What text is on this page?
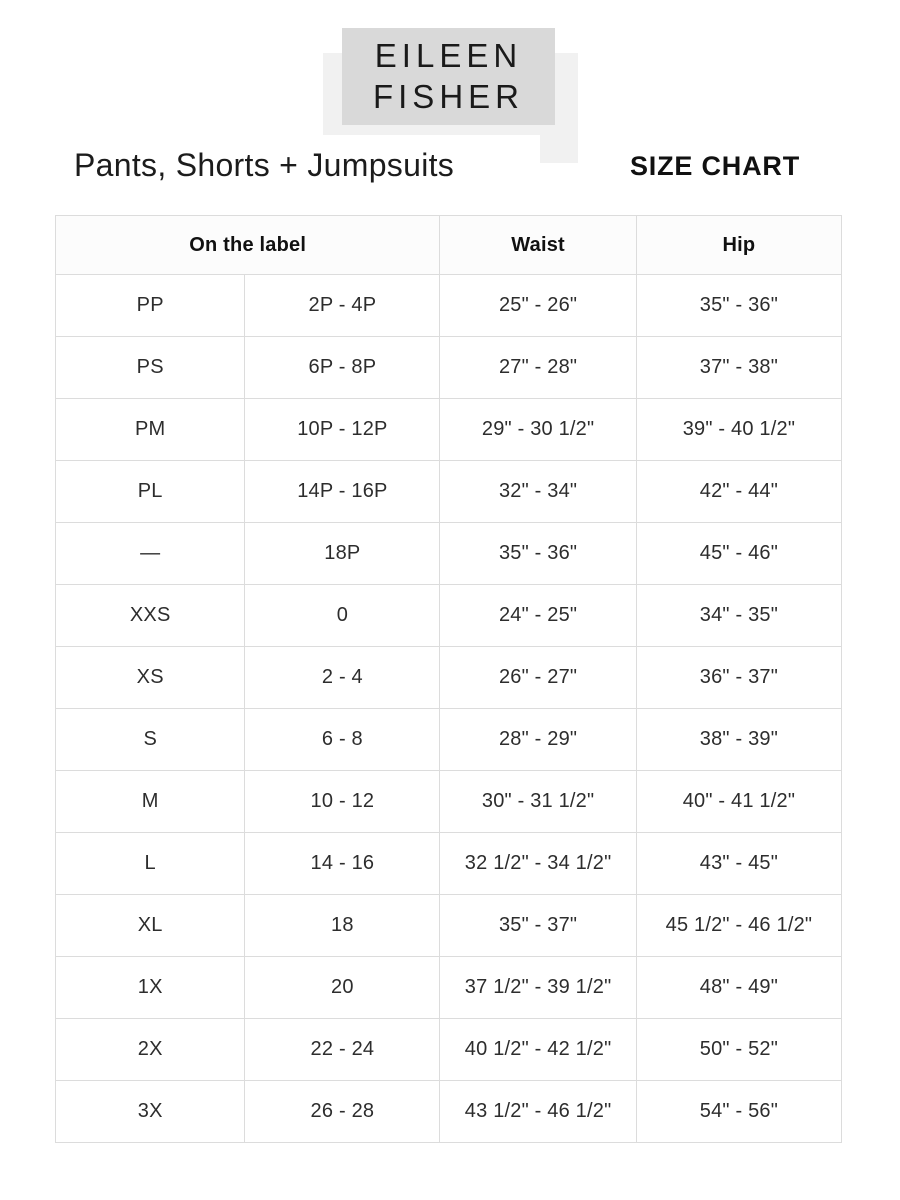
EILEEN
FISHER
Pants, Shorts + Jumpsuits	SIZE CHART
On the label		Waist	Hip
PP	2P - 4P	25" - 26"	35" - 36"
PS	6P - 8P	27" - 28"	37" - 38"
PM	10P - 12P	29" - 30 1/2"	39" - 40 1/2"
PL	14P - 16P	32" - 34"	42" - 44"
—	18P	35" - 36"	45" - 46"
XXS	0	24" - 25"	34" - 35"
XS	2 - 4	26" - 27"	36" - 37"
S	6 - 8	28" - 29"	38" - 39"
M	10 - 12	30" - 31 1/2"	40" - 41 1/2"
L	14 - 16	32 1/2" - 34 1/2"	43" - 45"
XL	18	35" - 37"	45 1/2" - 46 1/2"
1X	20	37 1/2" - 39 1/2"	48" - 49"
2X	22 - 24	40 1/2" - 42 1/2"	50" - 52"
3X	26 - 28	43 1/2" - 46 1/2"	54" - 56"
